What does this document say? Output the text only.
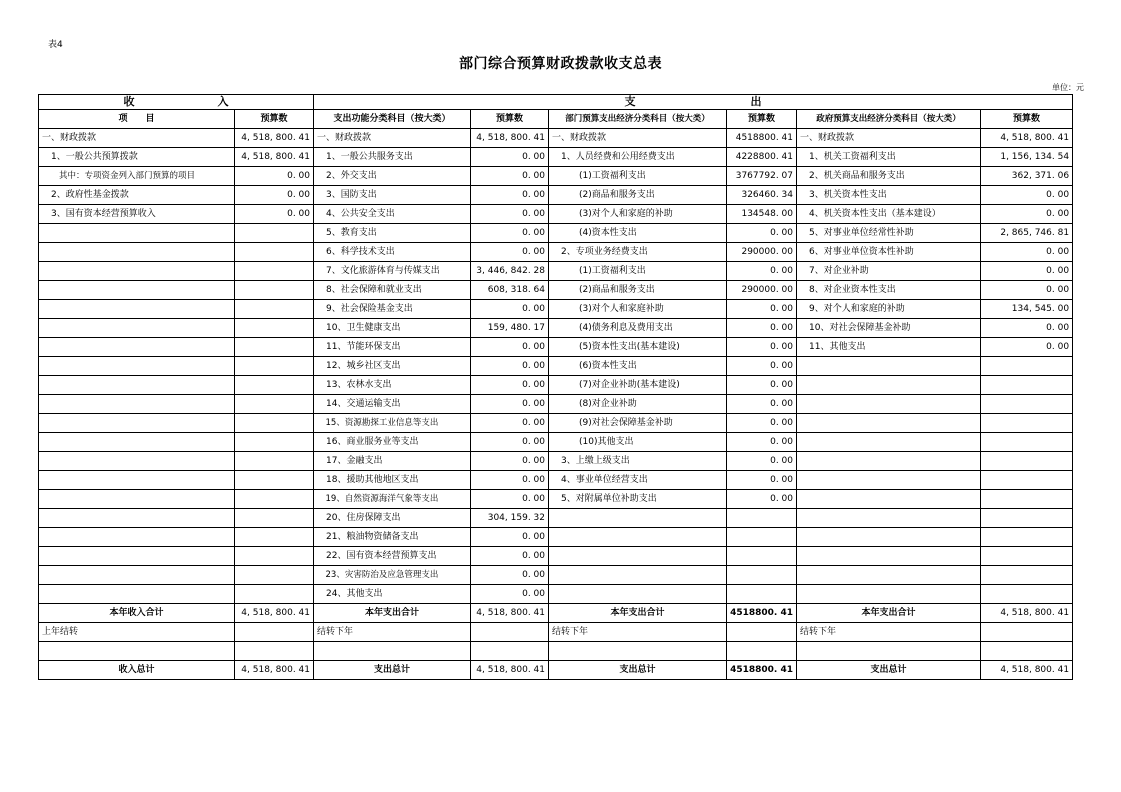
表4
部门综合预算财政拨款收支总表
单位：元
收 入		支 出					

项　　目	预算数	支出功能分类科目（按大类）	预算数	部门预算支出经济分类科目（按大类）	预算数	政府预算支出经济分类科目（按大类）	预算数
一、财政拨款	4, 518, 800. 41	一、财政拨款	4, 518, 800. 41	一、财政拨款	4518800. 41	一、财政拨款	4, 518, 800. 41
　1、一般公共预算拨款	4, 518, 800. 41	　1、一般公共服务支出	0. 00	　1、人员经费和公用经费支出	4228800. 41	　1、机关工资福利支出	1, 156, 134. 54
　　其中：专项资金列入部门预算的项目	0. 00	　2、外交支出	0. 00	　　　(1)工资福利支出	3767792. 07	　2、机关商品和服务支出	362, 371. 06
　2、政府性基金拨款	0. 00	　3、国防支出	0. 00	　　　(2)商品和服务支出	326460. 34	　3、机关资本性支出	0. 00
　3、国有资本经营预算收入	0. 00	　4、公共安全支出	0. 00	　　　(3)对个人和家庭的补助	134548. 00	　4、机关资本性支出（基本建设）	0. 00
		　5、教育支出	0. 00	　　　(4)资本性支出	0. 00	　5、对事业单位经常性补助	2, 865, 746. 81
		　6、科学技术支出	0. 00	　2、专项业务经费支出	290000. 00	　6、对事业单位资本性补助	0. 00
		　7、文化旅游体育与传媒支出	3, 446, 842. 28	　　　(1)工资福利支出	0. 00	　7、对企业补助	0. 00
		　8、社会保障和就业支出	608, 318. 64	　　　(2)商品和服务支出	290000. 00	　8、对企业资本性支出	0. 00
		　9、社会保险基金支出	0. 00	　　　(3)对个人和家庭补助	0. 00	　9、对个人和家庭的补助	134, 545. 00
		　10、卫生健康支出	159, 480. 17	　　　(4)债务利息及费用支出	0. 00	　10、对社会保障基金补助	0. 00
		　11、节能环保支出	0. 00	　　　(5)资本性支出(基本建设)	0. 00	　11、其他支出	0. 00
		　12、城乡社区支出	0. 00	　　　(6)资本性支出	0. 00		
		　13、农林水支出	0. 00	　　　(7)对企业补助(基本建设)	0. 00		
		　14、交通运输支出	0. 00	　　　(8)对企业补助	0. 00		
		　15、资源勘探工业信息等支出	0. 00	　　　(9)对社会保障基金补助	0. 00		
		　16、商业服务业等支出	0. 00	　　　(10)其他支出	0. 00		
		　17、金融支出	0. 00	　3、上缴上级支出	0. 00		
		　18、援助其他地区支出	0. 00	　4、事业单位经营支出	0. 00		
		　19、自然资源海洋气象等支出	0. 00	　5、对附属单位补助支出	0. 00		
		　20、住房保障支出	304, 159. 32				
		　21、粮油物资储备支出	0. 00				
		　22、国有资本经营预算支出	0. 00				
		　23、灾害防治及应急管理支出	0. 00				
		　24、其他支出	0. 00				
本年收入合计	4, 518, 800. 41	本年支出合计	4, 518, 800. 41	本年支出合计	4518800. 41	本年支出合计	4, 518, 800. 41
上年结转		结转下年		结转下年		结转下年	

收入总计	4, 518, 800. 41	支出总计	4, 518, 800. 41	支出总计	4518800. 41	支出总计	4, 518, 800. 41
